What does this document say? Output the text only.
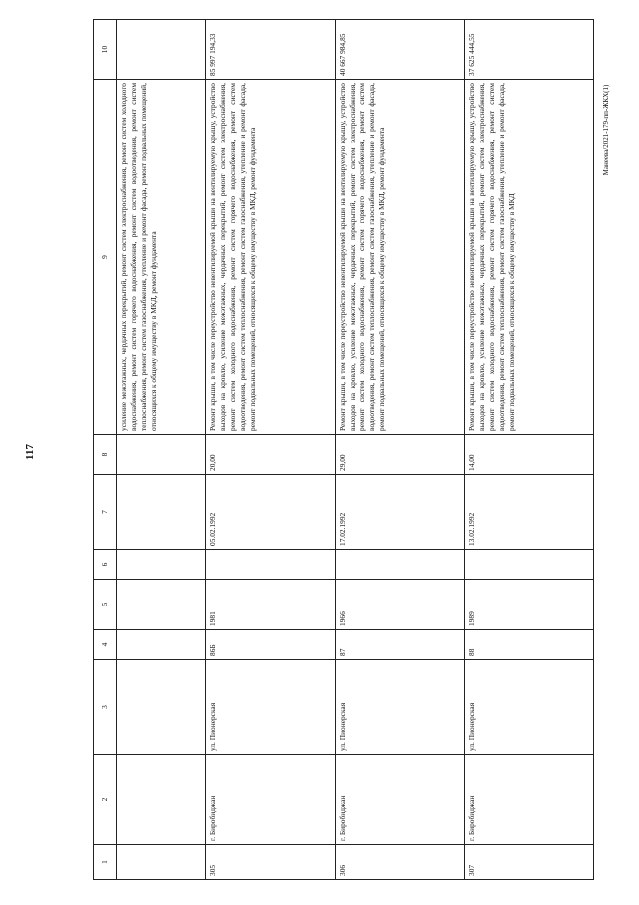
117
Манеева/2021-179-пп-ЖКХ(1)
1	2	3	4	5	6	7	8	9	10
								усиление межэтажных, чердачных перекрытий, ремонт систем электроснабжения, ремонт систем холодного водоснабжения, ремонт систем горячего водоснабжения, ремонт систем водоотведения, ремонт систем теплоснабжения, ремонт систем газоснабжения, утепление и ремонт фасада, ремонт подвальных помещений, относящихся к общему имуществу в МКД, ремонт фундамента	
305	г. Биробиджан	ул. Пионерская	86Б	1981		05.02.1992	20,00	Ремонт крыши, в том числе переустройство невентилируемой крыши на вентилируемую крышу, устройство выходов на кровлю, усиление межэтажных, чердачных перекрытий, ремонт систем электроснабжения, ремонт систем холодного водоснабжения, ремонт систем горячего водоснабжения, ремонт систем водоотведения, ремонт систем теплоснабжения, ремонт систем газоснабжения, утепление и ремонт фасада, ремонт подвальных помещений, относящихся к общему имуществу в МКД, ремонт фундамента	85 997 194,33
306	г. Биробиджан	ул. Пионерская	87	1966		17.02.1992	29,00	Ремонт крыши, в том числе переустройство невентилируемой крыши на вентилируемую крышу, устройство выходов на кровлю, усиление межэтажных, чердачных перекрытий, ремонт систем электроснабжения, ремонт систем холодного водоснабжения, ремонт систем горячего водоснабжения, ремонт систем водоотведения, ремонт систем теплоснабжения, ремонт систем газоснабжения, утепление и ремонт фасада, ремонт подвальных помещений, относящихся к общему имуществу в МКД, ремонт фундамента	40 667 984,85
307	г. Биробиджан	ул. Пионерская	88	1989		13.02.1992	14,00	Ремонт крыши, в том числе переустройство невентилируемой крыши на вентилируемую крышу, устройство выходов на кровлю, усиление межэтажных, чердачных перекрытий, ремонт систем электроснабжения, ремонт систем холодного водоснабжения, ремонт систем горячего водоснабжения, ремонт систем водоотведения, ремонт систем теплоснабжения, ремонт систем газоснабжения, утепление и ремонт фасада, ремонт подвальных помещений, относящихся к общему имуществу в МКД	37 625 444,55
